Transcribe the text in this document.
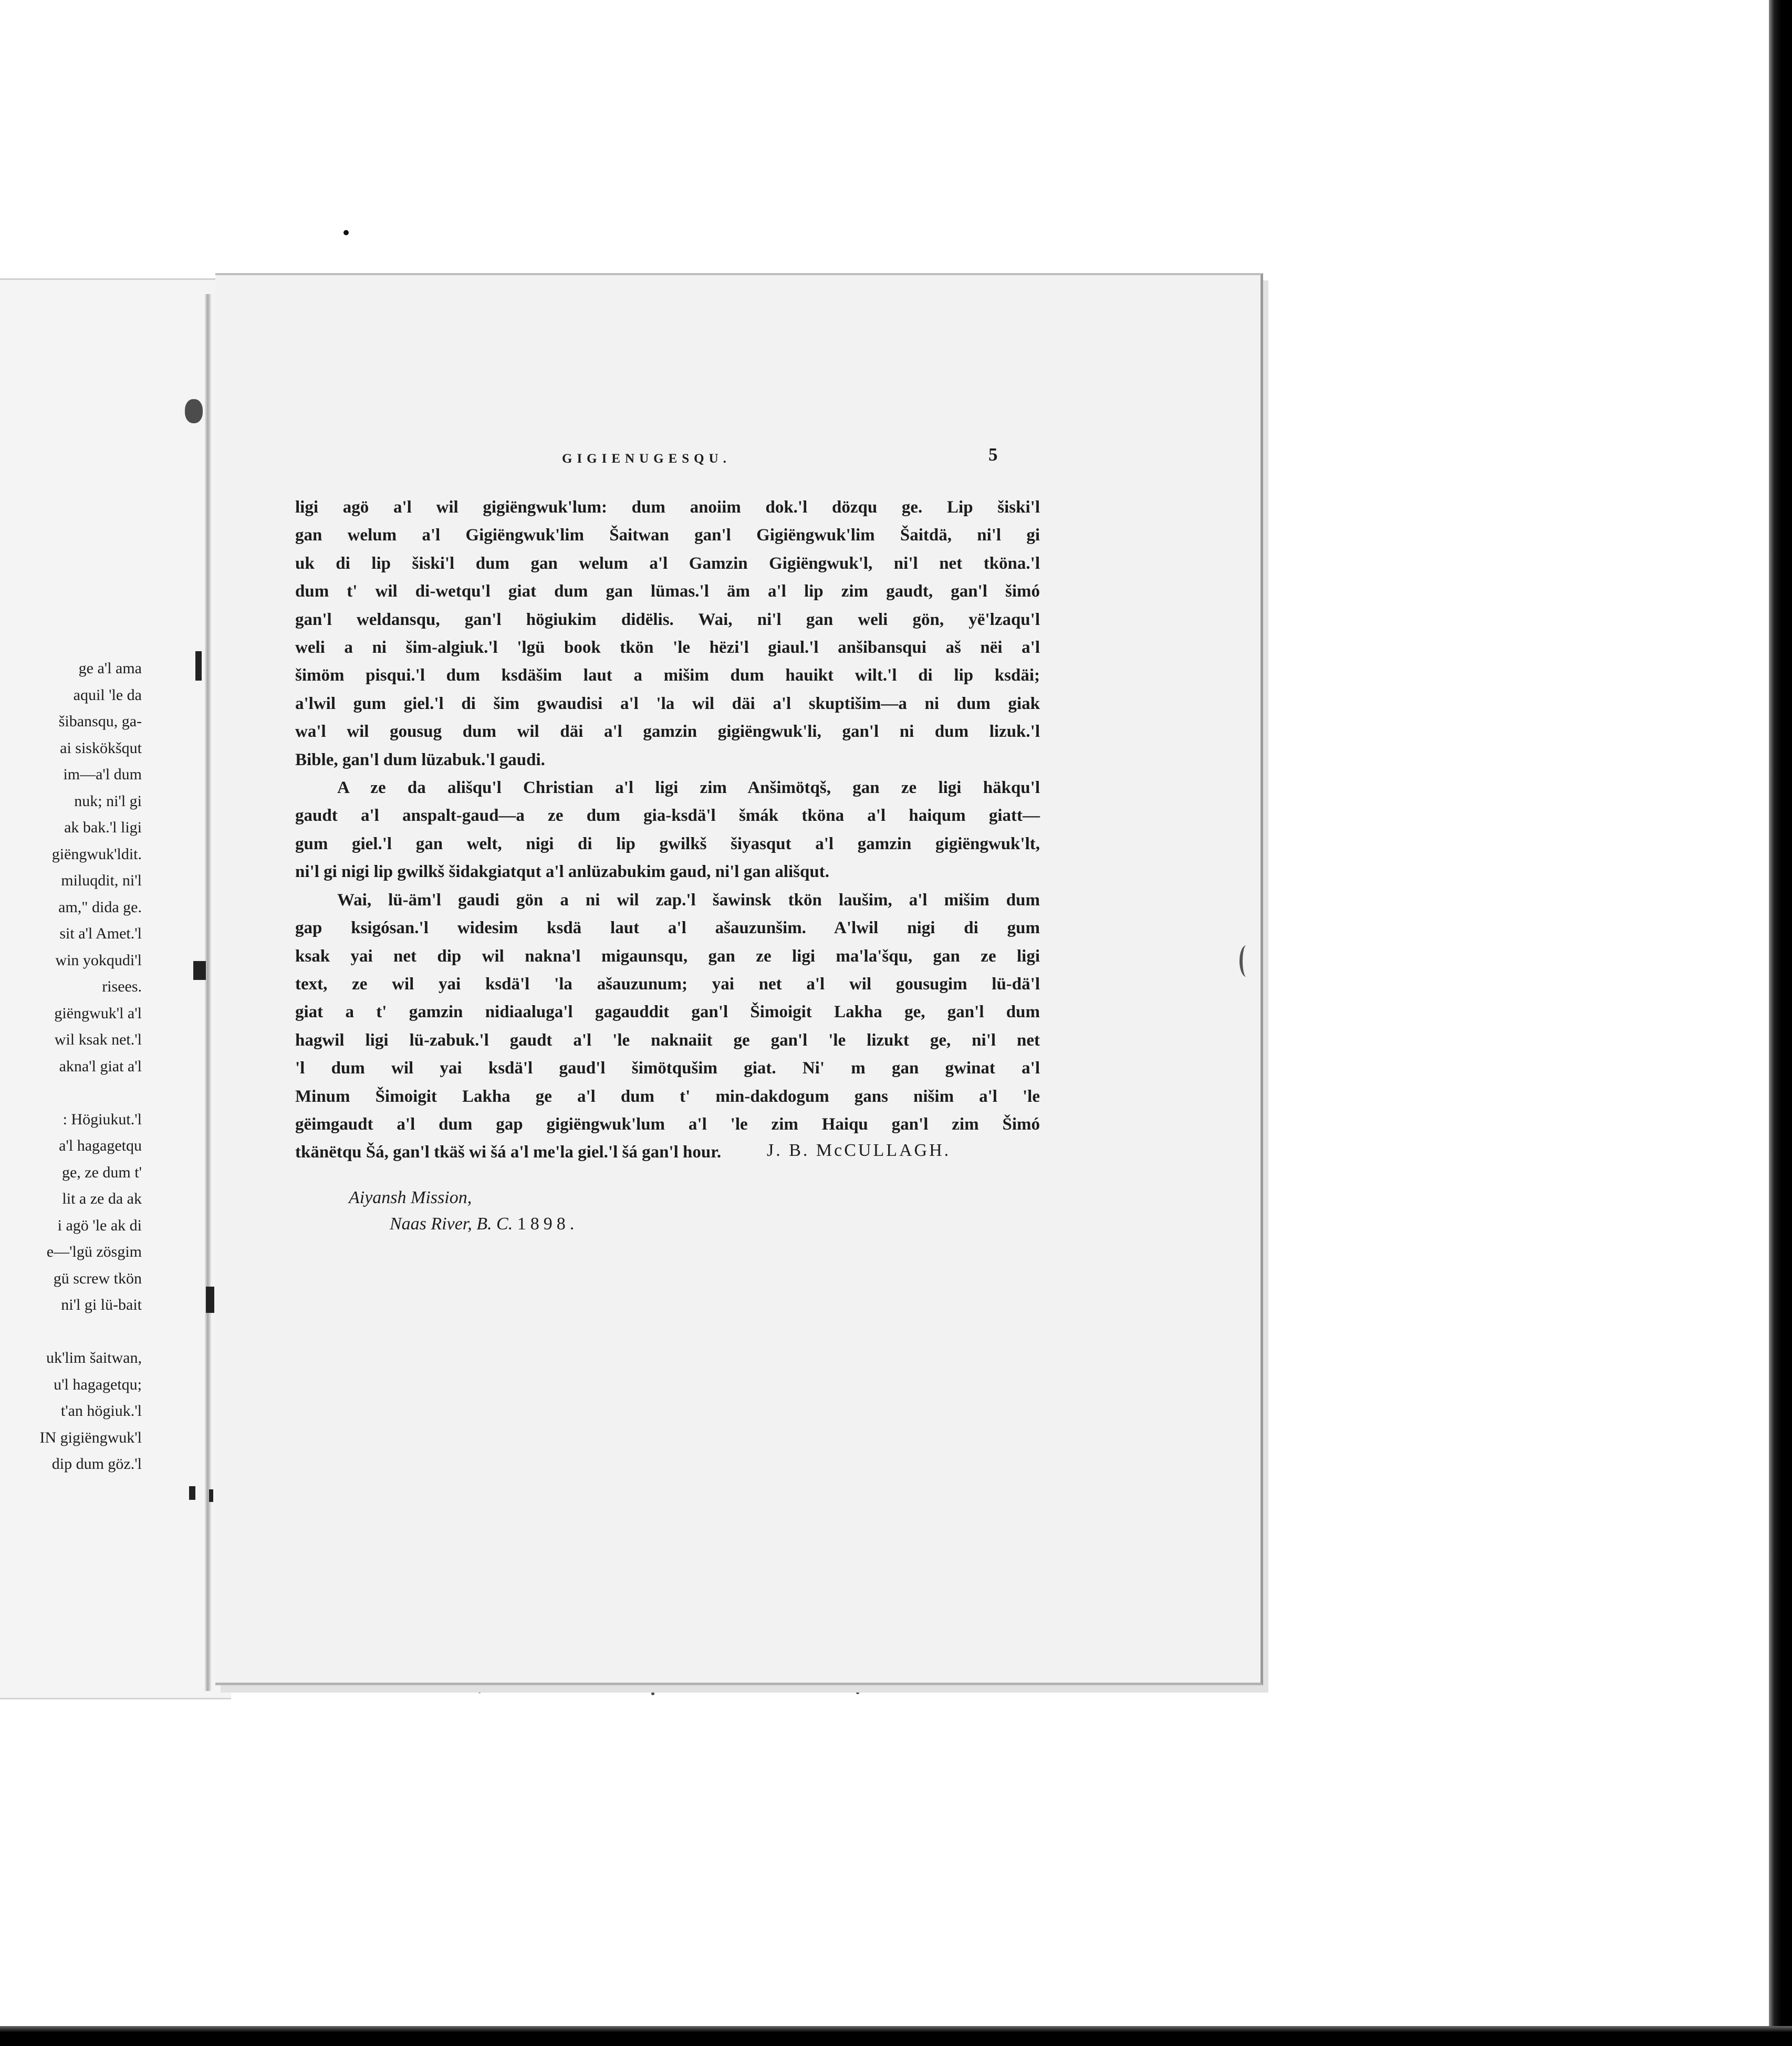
ge a'l ama
aquil 'le da
šibansqu, ga-
ai siskökšqut
im—a'l dum
nuk; ni'l gi
ak bak.'l ligi
giëngwuk'ldit.
miluqdit, ni'l
am," dida ge.
sit a'l Amet.'l
win yokqudi'l
risees.
giëngwuk'l a'l
wil ksak net.'l
akna'l giat a'l

: Högiukut.'l
a'l hagagetqu
ge, ze dum t'
lit a ze da ak
i agö 'le ak di
e—'lgü zösgim
gü screw tkön
ni'l gi lü-bait

uk'lim šaitwan,
u'l hagagetqu;
t'an högiuk.'l
IN gigiëngwuk'l
dip dum göz.'l
GIGIENUGESQU.	5

ligi agö a'l wil gigiëngwuk'lum: dum anoiim dok.'l dözqu ge. Lip šiski'l

gan welum a'l Gigiëngwuk'lim Šaitwan gan'l Gigiëngwuk'lim Šaitdä, ni'l gi

uk di lip šiski'l dum gan welum a'l Gamzin Gigiëngwuk'l, ni'l net tköna.'l

dum t' wil di-wetqu'l giat dum gan lümas.'l äm a'l lip zim gaudt, gan'l šimó

gan'l weldansqu, gan'l högiukim didëlis. Wai, ni'l gan weli gön, yë'lzaqu'l

weli a ni šim-algiuk.'l 'lgü book tkön 'le hëzi'l giaul.'l anšibansqui aš nëi a'l

šimöm pisqui.'l dum ksdäšim laut a mišim dum hauikt wilt.'l di lip ksdäi;

a'lwil gum giel.'l di šim gwaudisi a'l 'la wil däi a'l skuptišim—a ni dum giak

wa'l wil gousug dum wil däi a'l gamzin gigiëngwuk'li, gan'l ni dum lizuk.'l

Bible, gan'l dum lüzabuk.'l gaudi.

A ze da ališqu'l Christian a'l ligi zim Anšimötqš, gan ze ligi häkqu'l

gaudt a'l anspalt-gaud—a ze dum gia-ksdä'l šmák tköna a'l haiqum giatt—

gum giel.'l gan welt, nigi di lip gwilkš šiyasqut a'l gamzin gigiëngwuk'lt,

ni'l gi nigi lip gwilkš šidakgiatqut a'l anlüzabukim gaud, ni'l gan ališqut.

Wai, lü-äm'l gaudi gön a ni wil zap.'l šawinsk tkön laušim, a'l mišim dum

gap ksigósan.'l widesim ksdä laut a'l ašauzunšim. A'lwil nigi di gum

ksak yai net dip wil nakna'l migaunsqu, gan ze ligi ma'la'šqu, gan ze ligi

text, ze wil yai ksdä'l 'la ašauzunum; yai net a'l wil gousugim lü-dä'l

giat a t' gamzin nidiaaluga'l gagauddit gan'l Šimoigit Lakha ge, gan'l dum

hagwil ligi lü-zabuk.'l gaudt a'l 'le naknaiit ge gan'l 'le lizukt ge, ni'l net

'l dum wil yai ksdä'l gaud'l šimötqušim giat. Ni' m gan gwinat a'l

Minum Šimoigit Lakha ge a'l dum t' min-dakdogum gans nišim a'l 'le

gëimgaudt a'l dum gap gigiëngwuk'lum a'l 'le zim Haiqu gan'l zim Šimó

tkänëtqu Šá, gan'l tkäš wi šá a'l me'la giel.'l šá gan'l hour.	J. B. McCULLAGH.
Aiyansh Mission,
Naas River, B. C. 1898.
